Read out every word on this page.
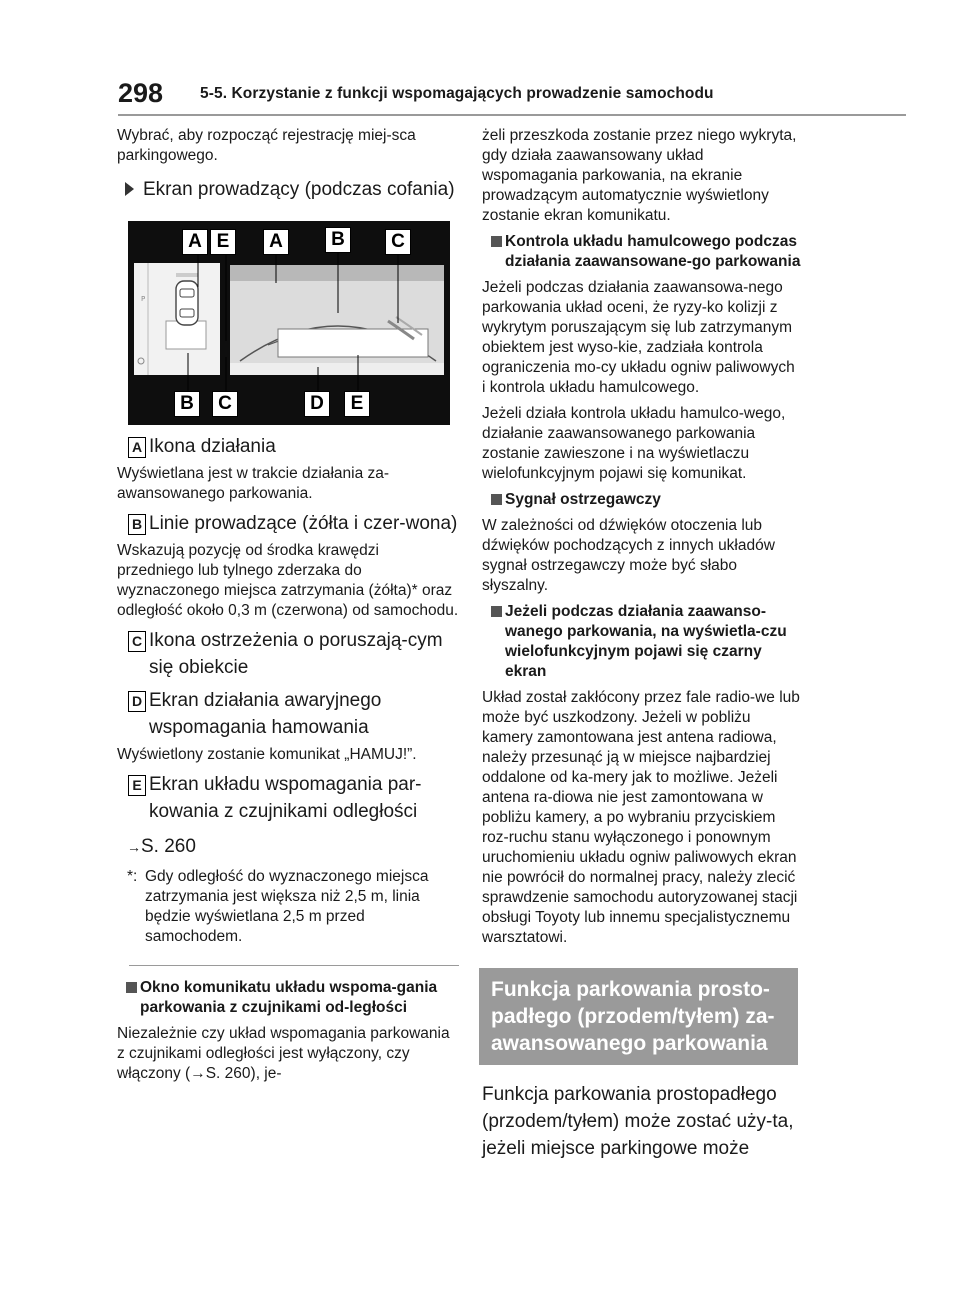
298 5-5. Korzystanie z funkcji wspomagających prowadzenie samochodu

Wybrać, aby rozpocząć rejestrację miej-sca parkingowego.

Ekran prowadzący (podczas cofania)
P
A E	A	B	C
B	C	D	E
A Ikona działania

Wyświetlana jest w trakcie działania za-awansowanego parkowania.

B Linie prowadzące (żółta i czer-wona)

Wskazują pozycję od środka krawędzi przedniego lub tylnego zderzaka do wyznaczonego miejsca zatrzymania (żółta)* oraz odległość około 0,3 m (czerwona) od samochodu.

C Ikona ostrzeżenia o poruszają-cym się obiekcie
D Ekran działania awaryjnego wspomagania hamowania

Wyświetlony zostanie komunikat „HAMUJ!”.

E Ekran układu wspomagania par-kowania z czujnikami odległości
→S. 260
*: Gdy odległość do wyznaczonego miejsca zatrzymania jest większa niż 2,5 m, linia będzie wyświetlana 2,5 m przed samochodem.
Okno komunikatu układu wspoma-gania parkowania z czujnikami od-ległości

Niezależnie czy układ wspomagania parkowania z czujnikami odległości jest wyłączony, czy włączony (→S. 260), je-

żeli przeszkoda zostanie przez niego wykryta, gdy działa zaawansowany układ wspomagania parkowania, na ekranie prowadzącym automatycznie wyświetlony zostanie ekran komunikatu.

Kontrola układu hamulcowego podczas działania zaawansowane-go parkowania

Jeżeli podczas działania zaawansowa-nego parkowania układ oceni, że ryzy-ko kolizji z wykrytym poruszającym się lub zatrzymanym obiektem jest wyso-kie, zadziała kontrola ograniczenia mo-cy układu ogniw paliwowych i kontrola układu hamulcowego.

Jeżeli działa kontrola układu hamulco-wego, działanie zaawansowanego parkowania zostanie zawieszone i na wyświetlaczu wielofunkcyjnym pojawi się komunikat.

Sygnał ostrzegawczy

W zależności od dźwięków otoczenia lub dźwięków pochodzących z innych układów sygnał ostrzegawczy może być słabo słyszalny.

Jeżeli podczas działania zaawanso-wanego parkowania, na wyświetla-czu wielofunkcyjnym pojawi się czarny ekran

Układ został zakłócony przez fale radio-we lub może być uszkodzony. Jeżeli w pobliżu kamery zamontowana jest antena radiowa, należy przesunąć ją w miejsce najbardziej oddalone od ka-mery jak to możliwe. Jeżeli antena ra-diowa nie jest zamontowana w pobliżu kamery, a po wybraniu przyciskiem roz-ruchu stanu wyłączonego i ponownym uruchomieniu układu ogniw paliwowych ekran nie powrócił do normalnej pracy, należy zlecić sprawdzenie samochodu autoryzowanej stacji obsługi Toyoty lub innemu specjalistycznemu warsztatowi.

Funkcja parkowania prosto-padłego (przodem/tyłem) za-awansowanego parkowania

Funkcja parkowania prostopadłego (przodem/tyłem) może zostać uży-ta, jeżeli miejsce parkingowe może
